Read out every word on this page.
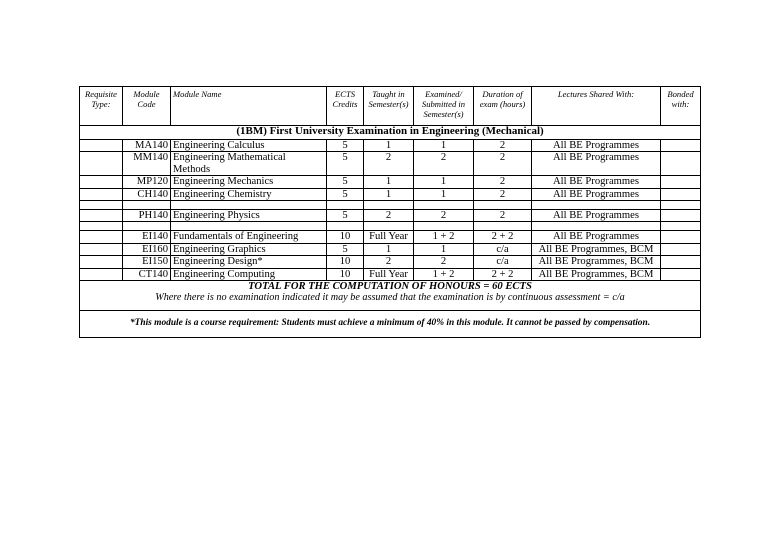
Requisite Type:	Module Code	Module Name	ECTS Credits	Taught in Semester(s)	Examined/ Submitted in Semester(s)	Duration of exam (hours)	Lectures Shared With:	Bonded with:
(1BM) First University Examination in Engineering (Mechanical)								
	MA140	Engineering Calculus	5	1	1	2	All BE Programmes	
	MM140	Engineering Mathematical Methods	5	2	2	2	All BE Programmes	
	MP120	Engineering Mechanics	5	1	1	2	All BE Programmes	
	CH140	Engineering Chemistry	5	1	1	2	All BE Programmes	

	PH140	Engineering Physics	5	2	2	2	All BE Programmes	

	EI140	Fundamentals of Engineering	10	Full Year	1 + 2	2 + 2	All BE Programmes	
	EI160	Engineering Graphics	5	1	1	c/a	All BE Programmes, BCM	
	EI150	Engineering Design*	10	2	2	c/a	All BE Programmes, BCM	
	CT140	Engineering Computing	10	Full Year	1 + 2	2 + 2	All BE Programmes, BCM	
TOTAL FOR THE COMPUTATION OF HONOURS = 60 ECTS								
Where there is no examination indicated it may be assumed that the examination is by continuous assessment = c/a								
*This module is a course requirement: Students must achieve a minimum of 40% in this module. It cannot be passed by compensation.								
